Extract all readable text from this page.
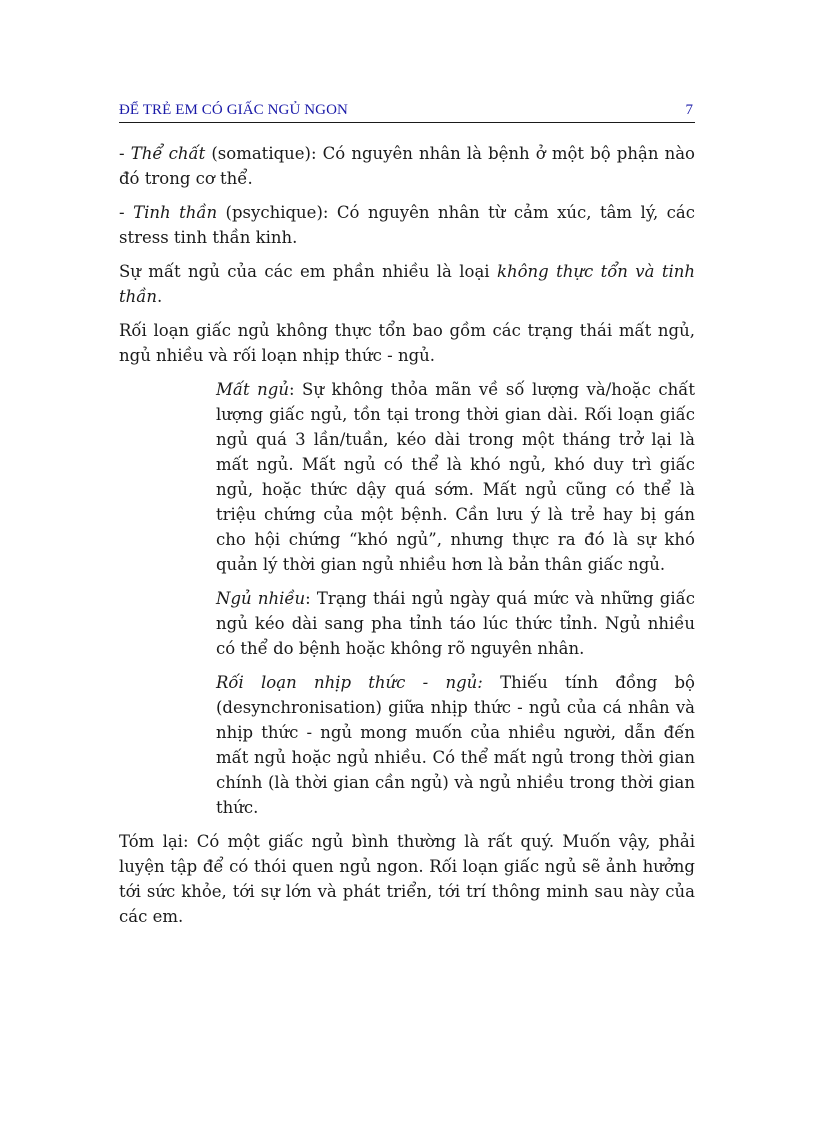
ĐỂ TRẺ EM CÓ GIẤC NGỦ NGON	7

- Thể chất (somatique): Có nguyên nhân là bệnh ở một bộ phận nào đó trong cơ thể.

- Tinh thần (psychique): Có nguyên nhân từ cảm xúc, tâm lý, các stress tinh thần kinh.

Sự mất ngủ của các em phần nhiều là loại không thực tổn và tinh thần.

Rối loạn giấc ngủ không thực tổn bao gồm các trạng thái mất ngủ, ngủ nhiều và rối loạn nhịp thức - ngủ.

Mất ngủ: Sự không thỏa mãn về số lượng và/hoặc chất lượng giấc ngủ, tồn tại trong thời gian dài. Rối loạn giấc ngủ quá 3 lần/tuần, kéo dài trong một tháng trở lại là mất ngủ. Mất ngủ có thể là khó ngủ, khó duy trì giấc ngủ, hoặc thức dậy quá sớm. Mất ngủ cũng có thể là triệu chứng của một bệnh. Cần lưu ý là trẻ hay bị gán cho hội chứng “khó ngủ”, nhưng thực ra đó là sự khó quản lý thời gian ngủ nhiều hơn là bản thân giấc ngủ.

Ngủ nhiều: Trạng thái ngủ ngày quá mức và những giấc ngủ kéo dài sang pha tỉnh táo lúc thức tỉnh. Ngủ nhiều có thể do bệnh hoặc không rõ nguyên nhân.

Rối loạn nhịp thức - ngủ: Thiếu tính đồng bộ (desynchronisation) giữa nhịp thức - ngủ của cá nhân và nhịp thức - ngủ mong muốn của nhiều người, dẫn đến mất ngủ hoặc ngủ nhiều. Có thể mất ngủ trong thời gian chính (là thời gian cần ngủ) và ngủ nhiều trong thời gian thức.

Tóm lại: Có một giấc ngủ bình thường là rất quý. Muốn vậy, phải luyện tập để có thói quen ngủ ngon. Rối loạn giấc ngủ sẽ ảnh hưởng tới sức khỏe, tới sự lớn và phát triển, tới trí thông minh sau này của các em.
